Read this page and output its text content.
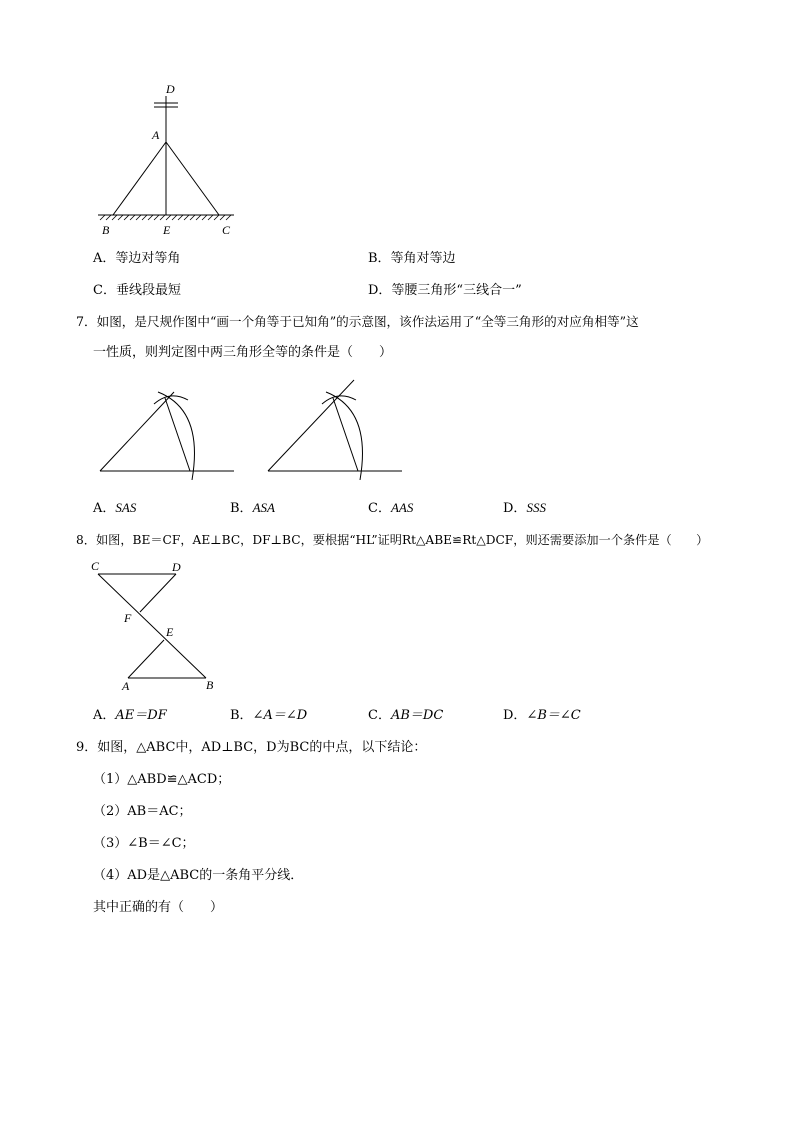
D
A
B	E	C
A．等边对等角	B．等角对等边
C．垂线段最短	D．等腰三角形“三线合一”
7．如图，是尺规作图中“画一个角等于已知角”的示意图，该作法运用了“全等三角形的对应角相等”这
一性质，则判定图中两三角形全等的条件是（　　）
A．SAS	B．ASA	C．AAS	D．SSS
8．如图，BE＝CF，AE⊥BC，DF⊥BC，要根据“HL”证明Rt△ABE≌Rt△DCF，则还需要添加一个条件是（　　）
C	D
F
E
A	B
A．AE＝DF	B．∠A＝∠D	C．AB＝DC	D．∠B＝∠C
9．如图，△ABC中，AD⊥BC，D为BC的中点，以下结论：
（1）△ABD≌△ACD；
（2）AB＝AC；
（3）∠B＝∠C；
（4）AD是△ABC的一条角平分线．
其中正确的有（　　）
